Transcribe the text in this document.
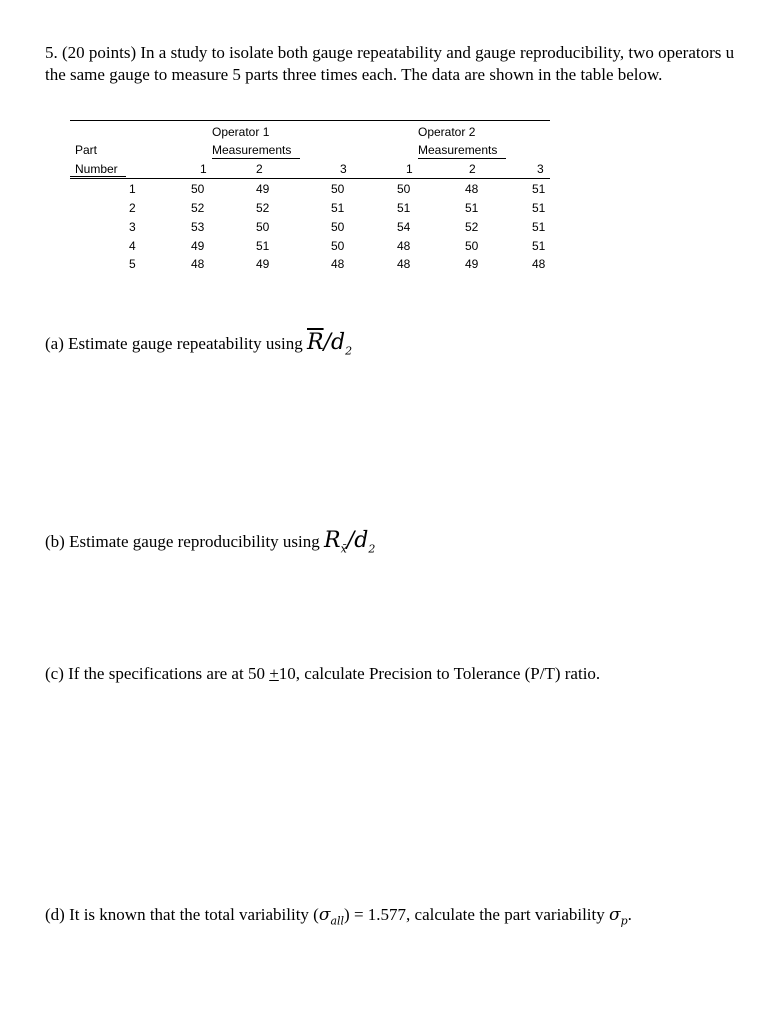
5. (20 points) In a study to isolate both gauge repeatability and gauge reproducibility, two operators u
the same gauge to measure 5 parts three times each. The data are shown in the table below.
Operator 1
Measurements
Operator 2
Measurements
Part
Number	1	2	3	1	2	3
1	50	49	50	50	48	51
2	52	52	51	51	51	51
3	53	50	50	54	52	51
4	49	51	50	48	50	51
5	48	49	48	48	49	48
(a) Estimate gauge repeatability using $\overline{R}/d_2$
(b) Estimate gauge reproducibility using $R_{x̄}/d_2$
(c) If the specifications are at 50 +10, calculate Precision to Tolerance (P/T) ratio.
(d) It is known that the total variability $(\sigma_{all}) = 1.577$, calculate the part variability $\sigma_p$.
